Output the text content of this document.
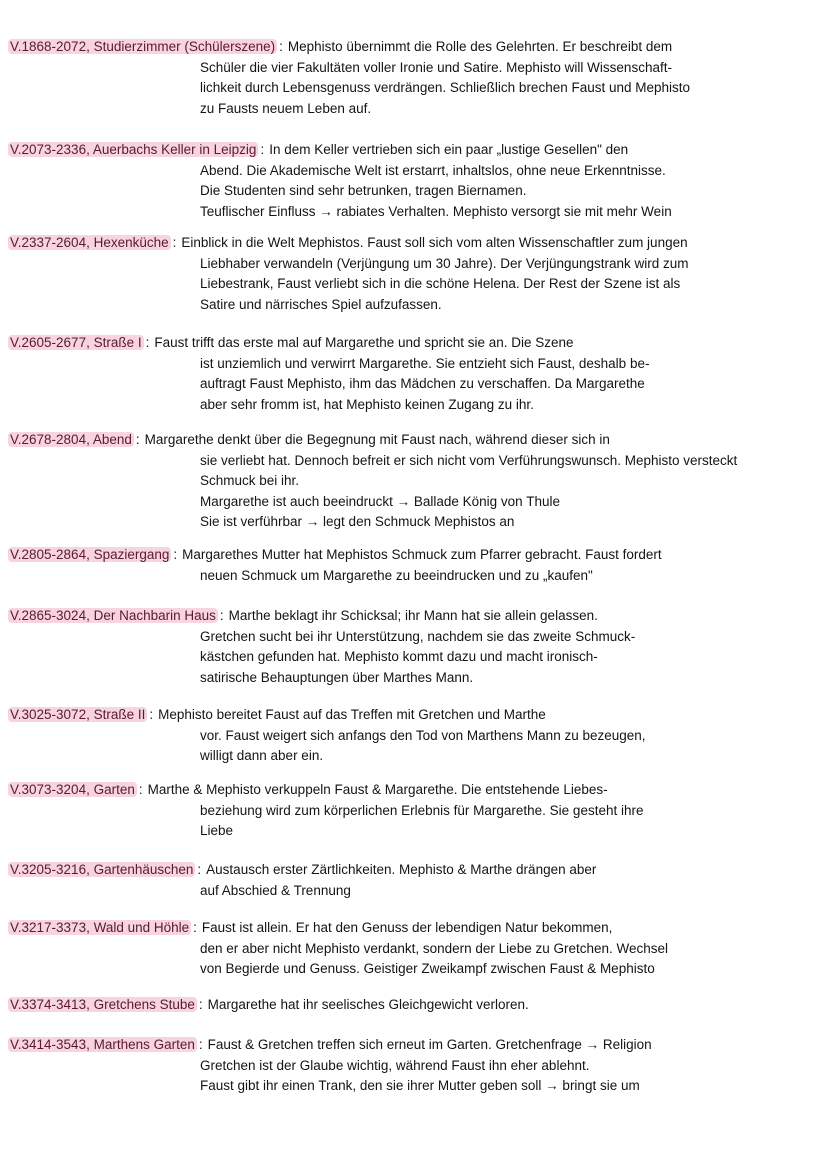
V.1868-2072, Studierzimmer (Schülerszene) : Mephisto übernimmt die Rolle des Gelehrten. Er beschreibt dem
Schüler die vier Fakultäten voller Ironie und Satire. Mephisto will Wissenschaft-
lichkeit durch Lebensgenuss verdrängen. Schließlich brechen Faust und Mephisto
zu Fausts neuem Leben auf.
V.2073-2336, Auerbachs Keller in Leipzig : In dem Keller vertrieben sich ein paar „lustige Gesellen" den
Abend. Die Akademische Welt ist erstarrt, inhaltslos, ohne neue Erkenntnisse.
Die Studenten sind sehr betrunken, tragen Biernamen.
Teuflischer Einfluss → rabiates Verhalten. Mephisto versorgt sie mit mehr Wein
V.2337-2604, Hexenküche : Einblick in die Welt Mephistos. Faust soll sich vom alten Wissenschaftler zum jungen
Liebhaber verwandeln (Verjüngung um 30 Jahre). Der Verjüngungstrank wird zum
Liebestrank, Faust verliebt sich in die schöne Helena. Der Rest der Szene ist als
Satire und närrisches Spiel aufzufassen.
V.2605-2677, Straße I : Faust trifft das erste mal auf Margarethe und spricht sie an. Die Szene
ist unziemlich und verwirrt Margarethe. Sie entzieht sich Faust, deshalb be-
auftragt Faust Mephisto, ihm das Mädchen zu verschaffen. Da Margarethe
aber sehr fromm ist, hat Mephisto keinen Zugang zu ihr.
V.2678-2804, Abend : Margarethe denkt über die Begegnung mit Faust nach, während dieser sich in
sie verliebt hat. Dennoch befreit er sich nicht vom Verführungswunsch. Mephisto versteckt
Schmuck bei ihr.
Margarethe ist auch beeindruckt → Ballade König von Thule
Sie ist verführbar → legt den Schmuck Mephistos an
V.2805-2864, Spaziergang : Margarethes Mutter hat Mephistos Schmuck zum Pfarrer gebracht. Faust fordert
neuen Schmuck um Margarethe zu beeindrucken und zu „kaufen"
V.2865-3024, Der Nachbarin Haus : Marthe beklagt ihr Schicksal; ihr Mann hat sie allein gelassen.
Gretchen sucht bei ihr Unterstützung, nachdem sie das zweite Schmuck-
kästchen gefunden hat. Mephisto kommt dazu und macht ironisch-
satirische Behauptungen über Marthes Mann.
V.3025-3072, Straße II : Mephisto bereitet Faust auf das Treffen mit Gretchen und Marthe
vor. Faust weigert sich anfangs den Tod von Marthens Mann zu bezeugen,
willigt dann aber ein.
V.3073-3204, Garten : Marthe & Mephisto verkuppeln Faust & Margarethe. Die entstehende Liebes-
beziehung wird zum körperlichen Erlebnis für Margarethe. Sie gesteht ihre
Liebe
V.3205-3216, Gartenhäuschen : Austausch erster Zärtlichkeiten. Mephisto & Marthe drängen aber
auf Abschied & Trennung
V.3217-3373, Wald und Höhle : Faust ist allein. Er hat den Genuss der lebendigen Natur bekommen,
den er aber nicht Mephisto verdankt, sondern der Liebe zu Gretchen. Wechsel
von Begierde und Genuss. Geistiger Zweikampf zwischen Faust & Mephisto
V.3374-3413, Gretchens Stube : Margarethe hat ihr seelisches Gleichgewicht verloren.
V.3414-3543, Marthens Garten : Faust & Gretchen treffen sich erneut im Garten. Gretchenfrage → Religion
Gretchen ist der Glaube wichtig, während Faust ihn eher ablehnt.
Faust gibt ihr einen Trank, den sie ihrer Mutter geben soll → bringt sie um
